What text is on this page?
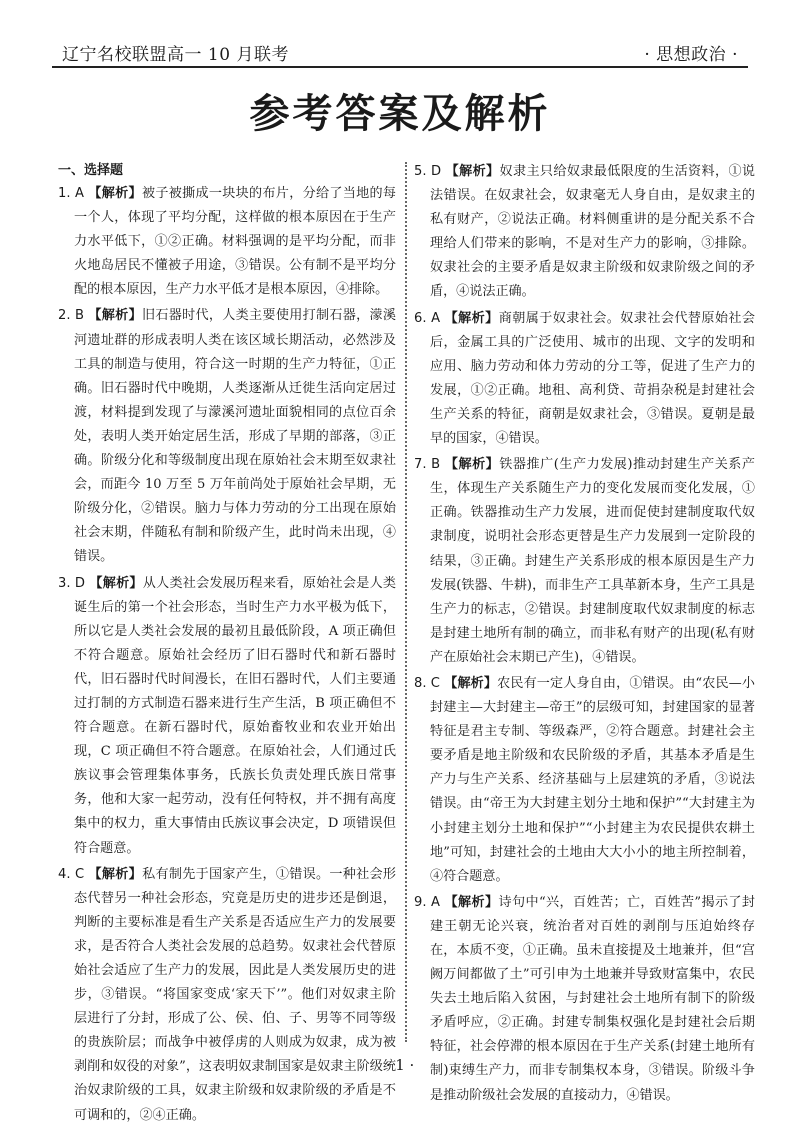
辽宁名校联盟高一 10 月联考	· 思想政治 ·
参考答案及解析
一、选择题

1. A 【解析】被子被撕成一块块的布片，分给了当地的每一个人，体现了平均分配，这样做的根本原因在于生产力水平低下，①②正确。材料强调的是平均分配，而非火地岛居民不懂被子用途，③错误。公有制不是平均分配的根本原因，生产力水平低才是根本原因，④排除。

2. B 【解析】旧石器时代，人类主要使用打制石器，濛溪河遗址群的形成表明人类在该区域长期活动，必然涉及工具的制造与使用，符合这一时期的生产力特征，①正确。旧石器时代中晚期，人类逐渐从迁徙生活向定居过渡，材料提到发现了与濛溪河遗址面貌相同的点位百余处，表明人类开始定居生活，形成了早期的部落，③正确。阶级分化和等级制度出现在原始社会末期至奴隶社会，而距今 10 万至 5 万年前尚处于原始社会早期，无阶级分化，②错误。脑力与体力劳动的分工出现在原始社会末期，伴随私有制和阶级产生，此时尚未出现，④错误。

3. D 【解析】从人类社会发展历程来看，原始社会是人类诞生后的第一个社会形态，当时生产力水平极为低下，所以它是人类社会发展的最初且最低阶段，A 项正确但不符合题意。原始社会经历了旧石器时代和新石器时代，旧石器时代时间漫长，在旧石器时代，人们主要通过打制的方式制造石器来进行生产生活，B 项正确但不符合题意。在新石器时代，原始畜牧业和农业开始出现，C 项正确但不符合题意。在原始社会，人们通过氏族议事会管理集体事务，氏族长负责处理氏族日常事务，他和大家一起劳动，没有任何特权，并不拥有高度集中的权力，重大事情由氏族议事会决定，D 项错误但符合题意。

4. C 【解析】私有制先于国家产生，①错误。一种社会形态代替另一种社会形态，究竟是历史的进步还是倒退，判断的主要标准是看生产关系是否适应生产力的发展要求，是否符合人类社会发展的总趋势。奴隶社会代替原始社会适应了生产力的发展，因此是人类发展历史的进步，③错误。“将国家变成‘家天下’”。他们对奴隶主阶层进行了分封，形成了公、侯、伯、子、男等不同等级的贵族阶层；而战争中被俘虏的人则成为奴隶，成为被剥削和奴役的对象”，这表明奴隶制国家是奴隶主阶级统治奴隶阶级的工具，奴隶主阶级和奴隶阶级的矛盾是不可调和的，②④正确。

5. D 【解析】奴隶主只给奴隶最低限度的生活资料，①说法错误。在奴隶社会，奴隶毫无人身自由，是奴隶主的私有财产，②说法正确。材料侧重讲的是分配关系不合理给人们带来的影响，不是对生产力的影响，③排除。奴隶社会的主要矛盾是奴隶主阶级和奴隶阶级之间的矛盾，④说法正确。

6. A 【解析】商朝属于奴隶社会。奴隶社会代替原始社会后，金属工具的广泛使用、城市的出现、文字的发明和应用、脑力劳动和体力劳动的分工等，促进了生产力的发展，①②正确。地租、高利贷、苛捐杂税是封建社会生产关系的特征，商朝是奴隶社会，③错误。夏朝是最早的国家，④错误。

7. B 【解析】铁器推广(生产力发展)推动封建生产关系产生，体现生产关系随生产力的变化发展而变化发展，①正确。铁器推动生产力发展，进而促使封建制度取代奴隶制度，说明社会形态更替是生产力发展到一定阶段的结果，③正确。封建生产关系形成的根本原因是生产力发展(铁器、牛耕)，而非生产工具革新本身，生产工具是生产力的标志，②错误。封建制度取代奴隶制度的标志是封建土地所有制的确立，而非私有财产的出现(私有财产在原始社会末期已产生)，④错误。

8. C 【解析】农民有一定人身自由，①错误。由“农民—小封建主—大封建主—帝王”的层级可知，封建国家的显著特征是君主专制、等级森严，②符合题意。封建社会主要矛盾是地主阶级和农民阶级的矛盾，其基本矛盾是生产力与生产关系、经济基础与上层建筑的矛盾，③说法错误。由“帝王为大封建主划分土地和保护”“大封建主为小封建主划分土地和保护”“小封建主为农民提供农耕土地”可知，封建社会的土地由大大小小的地主所控制着，④符合题意。

9. A 【解析】诗句中“兴，百姓苦；亡，百姓苦”揭示了封建王朝无论兴衰，统治者对百姓的剥削与压迫始终存在，本质不变，①正确。虽未直接提及土地兼并，但“宫阙万间都做了土”可引申为土地兼并导致财富集中，农民失去土地后陷入贫困，与封建社会土地所有制下的阶级矛盾呼应，②正确。封建专制集权强化是封建社会后期特征，社会停滞的根本原因在于生产关系(封建土地所有制)束缚生产力，而非专制集权本身，③错误。阶级斗争是推动阶级社会发展的直接动力，④错误。

· 1 ·
